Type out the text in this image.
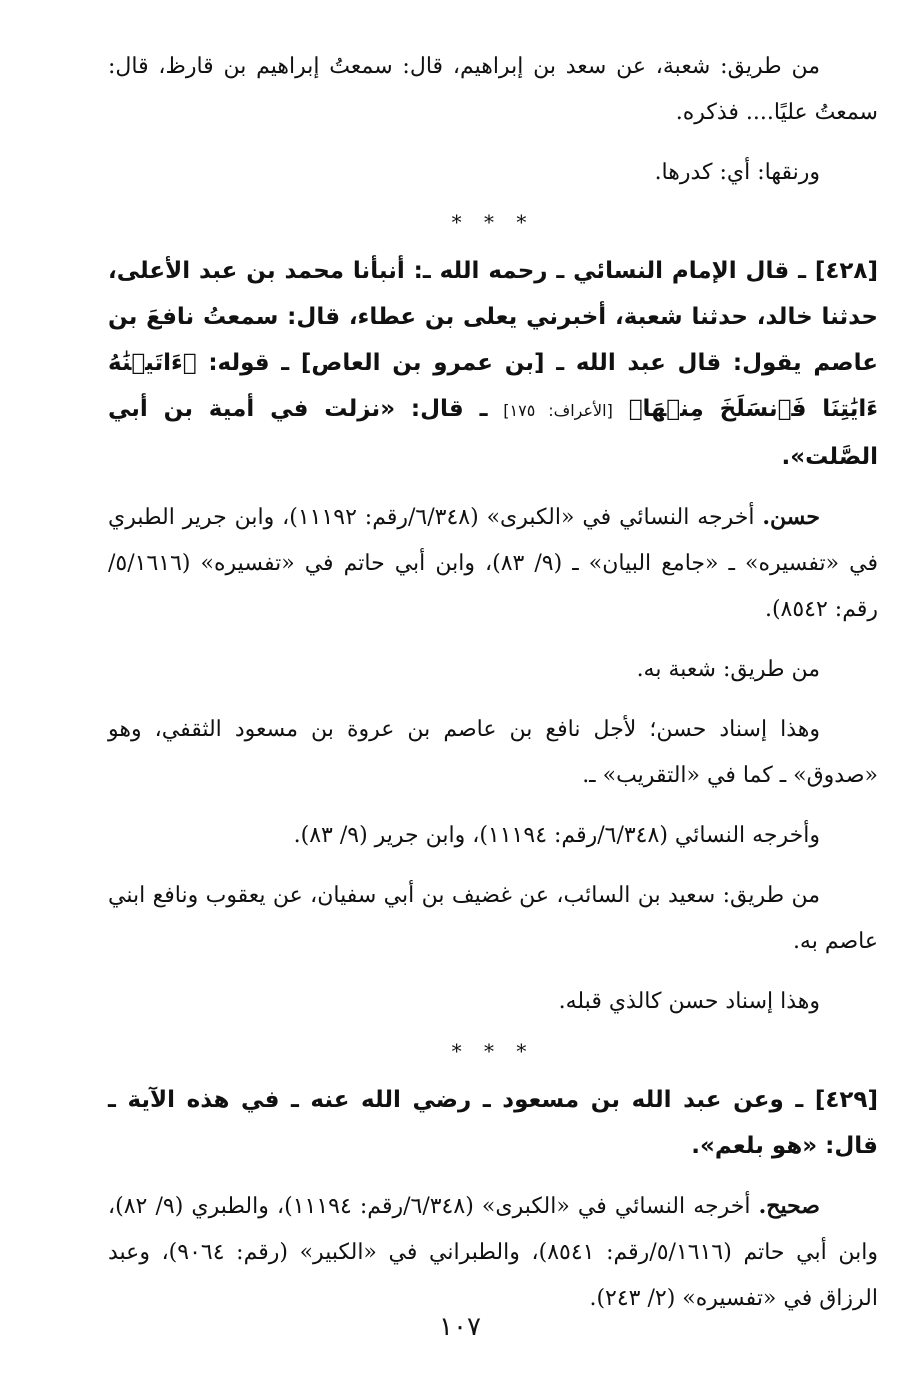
من طريق: شعبة، عن سعد بن إبراهيم، قال: سمعتُ إبراهيم بن قارظ، قال: سمعتُ عليًا.... فذكره.

ورنقها: أي: كدرها.

* * *

[٤٢٨] ـ قال الإمام النسائي ـ رحمه الله ـ: أنبأنا محمد بن عبد الأعلى، حدثنا خالد، حدثنا شعبة، أخبرني يعلى بن عطاء، قال: سمعتُ نافعَ بن عاصم يقول: قال عبد الله ـ [بن عمرو بن العاص] ـ قوله: ﴿ءَاتَيۡنَٰهُ ءَايَٰتِنَا فَٱنسَلَخَ مِنۡهَا﴾ [الأعراف: ١٧٥] ـ قال: «نزلت في أمية بن أبي الصَّلت».

حسن. أخرجه النسائي في «الكبرى» (٦/٣٤٨/رقم: ١١١٩٢)، وابن جرير الطبري في «تفسيره» ـ «جامع البيان» ـ (٩/ ٨٣)، وابن أبي حاتم في «تفسيره» (٥/١٦١٦/رقم: ٨٥٤٢).

من طريق: شعبة به.

وهذا إسناد حسن؛ لأجل نافع بن عاصم بن عروة بن مسعود الثقفي، وهو «صدوق» ـ كما في «التقريب» ـ.

وأخرجه النسائي (٦/٣٤٨/رقم: ١١١٩٤)، وابن جرير (٩/ ٨٣).

من طريق: سعيد بن السائب، عن غضيف بن أبي سفيان، عن يعقوب ونافع ابني عاصم به.

وهذا إسناد حسن كالذي قبله.

* * *

[٤٢٩] ـ وعن عبد الله بن مسعود ـ رضي الله عنه ـ في هذه الآية ـ قال: «هو بلعم».

صحيح. أخرجه النسائي في «الكبرى» (٦/٣٤٨/رقم: ١١١٩٤)، والطبري (٩/ ٨٢)، وابن أبي حاتم (٥/١٦١٦/رقم: ٨٥٤١)، والطبراني في «الكبير» (رقم: ٩٠٦٤)، وعبد الرزاق في «تفسيره» (٢/ ٢٤٣).

١٠٧
